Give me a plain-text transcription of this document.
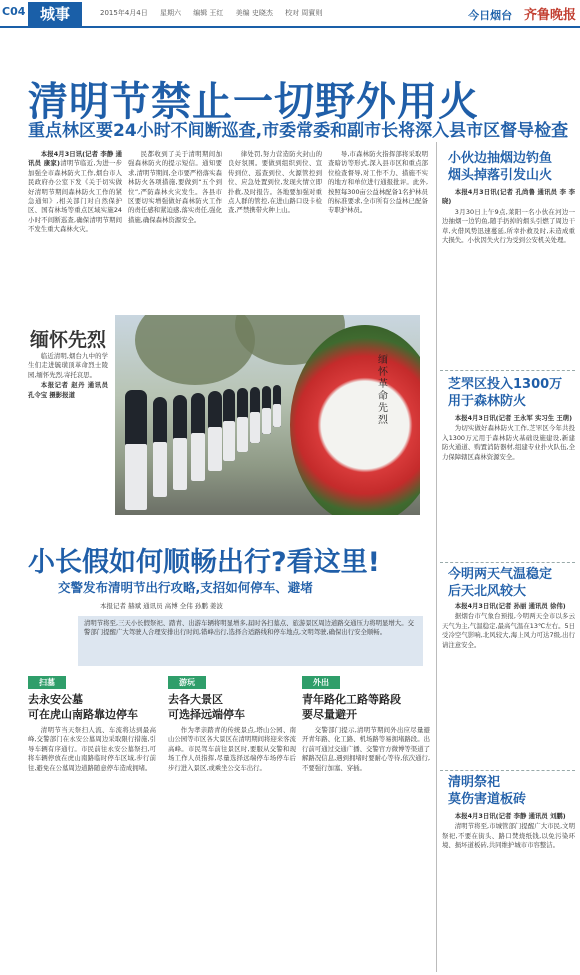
C04 城事	2015年4月4日 星期六 编辑 王红 美编 史晓杰 校对 周賓则	今日烟台 齐鲁晚报
清明节禁止一切野外用火
重点林区要24小时不间断巡查,市委常委和副市长将深入县市区督导检查

本报4月3日讯(记者 李静 通讯员 康家)清明节临近,为进一步加强全市森林防火工作,烟台市人民政府办公室下发《关于切实做好清明节期间森林防火工作的紧急通知》,相关部门对自然保护区、国有林场等重点区域实施24小时不间断巡查,确保清明节期间不发生重大森林火灾。

民都收到了关于清明期间加强森林防火的提示短信。通知要求,清明节期间,全市要严格落实森林防火各项措施,要做到“五个到位”,严防森林火灾发生。各县市区要切实增强做好森林防火工作的责任感和紧迫感,落实责任,强化措施,确保森林资源安全。

律处罚,努力营造防火封山的良好氛围。要做到组织到位、宣传到位、巡查到位、火源管控到位、应急处置到位,发现火情立即扑救,及时报告。各地要加强对重点人群的管控,在进山路口设卡检查,严禁携带火种上山。

导,市森林防火指挥部将采取明查暗访等形式,深入县市区和重点部位检查督导,对工作不力、措施不实的地方和单位进行通报批评。此外,按照每300亩公益林配备1名护林员的标准要求,全市所有公益林已配备专职护林员。

缅怀先烈

临近清明,烟台九中的学生们走进毓璜顶革命烈士陵园,缅怀先烈,寄托哀思。

本报记者 赵丹 通讯员 孔令宝 摄影报道

缅怀革命先烈
小长假如何顺畅出行?看这里!
交警发布清明节出行攻略,支招如何停车、避堵
本报记者 赫斌 通讯员 高博 全伟 孙鹏 姜波
清明节将至,三天小长假祭祀、踏青、出游车辆将明显增多,届时各扫墓点、旅游景区周边道路交通压力将明显增大。交警部门提醒广大驾驶人合理安排出行时间,错峰出行,选择合适路线和停车地点,文明驾驶,确保出行安全顺畅。
扫墓
去永安公墓
可在虎山南路靠边停车

清明节当天祭扫人流、车流将达到最高峰,交警部门在永安公墓周边采取限行措施,引导车辆有序通行。市民前往永安公墓祭扫,可将车辆停放在虎山南路临时停车区域,步行前往,避免在公墓周边道路随意停车造成拥堵。

游玩
去各大景区
可选择远端停车

作为孝亲踏青的传统景点,塔山公园、南山公园等市区各大景区在清明期间将迎来客流高峰。市民驾车前往景区时,要服从交警和现场工作人员指挥,尽量选择远端停车场停车后步行进入景区,或乘坐公交车出行。

外出
青年路化工路等路段
要尽量避开

交警部门提示,清明节期间外出应尽量避开青年路、化工路、机场路等易拥堵路段。出行前可通过交通广播、交警官方微博等渠道了解路况信息,遇到拥堵时要耐心等待,依次通行,不要强行加塞、穿插。

小伙边抽烟边钓鱼
烟头掉落引发山火

本报4月3日讯(记者 孔尚鲁 通讯员 李 李晓)

3月30日上午9点,莱阳一名小伙在河边一边抽烟一边钓鱼,随手扔掉的烟头引燃了周边干草,火借风势迅速蔓延,所幸扑救及时,未造成重大损失。小伙因失火行为受到公安机关处理。

芝罘区投入1300万
用于森林防火

本报4月3日讯(记者 王永军 实习生 王萌)

为切实做好森林防火工作,芝罘区今年共投入1300万元用于森林防火基础设施建设,新建防火通道、购置消防器材,组建专业扑火队伍,全力保障辖区森林资源安全。

今明两天气温稳定
后天北风较大

本报4月3日讯(记者 孙丽 通讯员 徐伟)

据烟台市气象台预报,今明两天全市以多云天气为主,气温稳定,最高气温在13℃左右。5日受冷空气影响,北风较大,海上风力可达7级,出行请注意安全。

清明祭祀
莫伤害道板砖

本报4月3日讯(记者 李静 通讯员 刘鹏)

清明节将至,市城管部门提醒广大市民,文明祭祀,不要在街头、路口焚烧纸钱,以免污染环境、损坏道板砖,共同维护城市市容整洁。
